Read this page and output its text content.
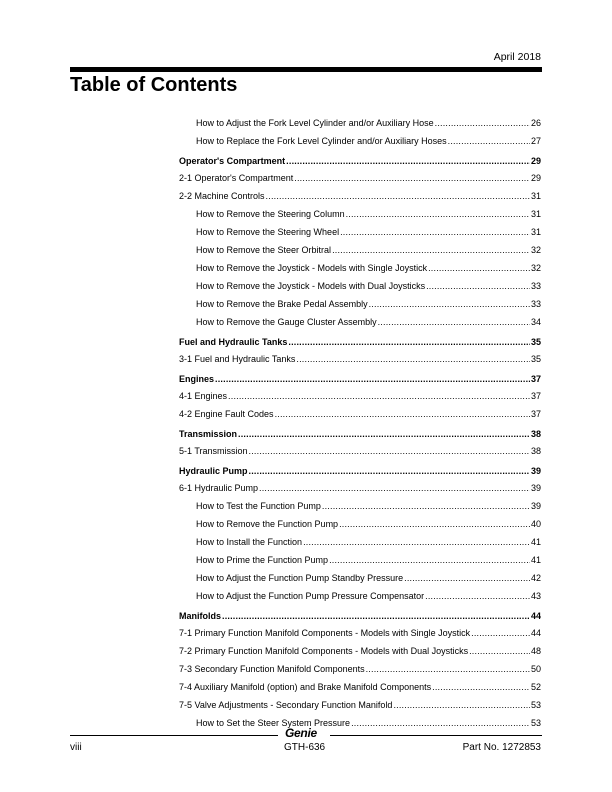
April 2018
Table of Contents
How to Adjust the Fork Level Cylinder and/or Auxiliary Hose .....	26
How to Replace the Fork Level Cylinder and/or Auxiliary Hoses .....	27
Operator's Compartment .....	29
2-1 Operator's Compartment .....	29
2-2 Machine Controls .....	31
How to Remove the Steering Column .....	31
How to Remove the Steering Wheel .....	31
How to Remove the Steer Orbitral .....	32
How to Remove the Joystick - Models with Single Joystick .....	32
How to Remove the Joystick - Models with Dual Joysticks .....	33
How to Remove the Brake Pedal Assembly .....	33
How to Remove the Gauge Cluster Assembly .....	34
Fuel and Hydraulic Tanks .....	35
3-1 Fuel and Hydraulic Tanks .....	35
Engines .....	37
4-1 Engines .....	37
4-2 Engine Fault Codes .....	37
Transmission .....	38
5-1 Transmission .....	38
Hydraulic Pump .....	39
6-1 Hydraulic Pump .....	39
How to Test the Function Pump .....	39
How to Remove the Function Pump .....	40
How to Install the Function .....	41
How to Prime the Function Pump .....	41
How to Adjust the Function Pump Standby Pressure .....	42
How to Adjust the Function Pump Pressure Compensator .....	43
Manifolds .....	44
7-1 Primary Function Manifold Components - Models with Single Joystick .....	44
7-2 Primary Function Manifold Components - Models with Dual Joysticks .....	48
7-3 Secondary Function Manifold Components .....	50
7-4 Auxiliary Manifold (option) and Brake Manifold Components .....	52
7-5 Valve Adjustments - Secondary Function Manifold .....	53
How to Set the Steer System Pressure .....	53
Genie
viii	GTH-636	Part No. 1272853
